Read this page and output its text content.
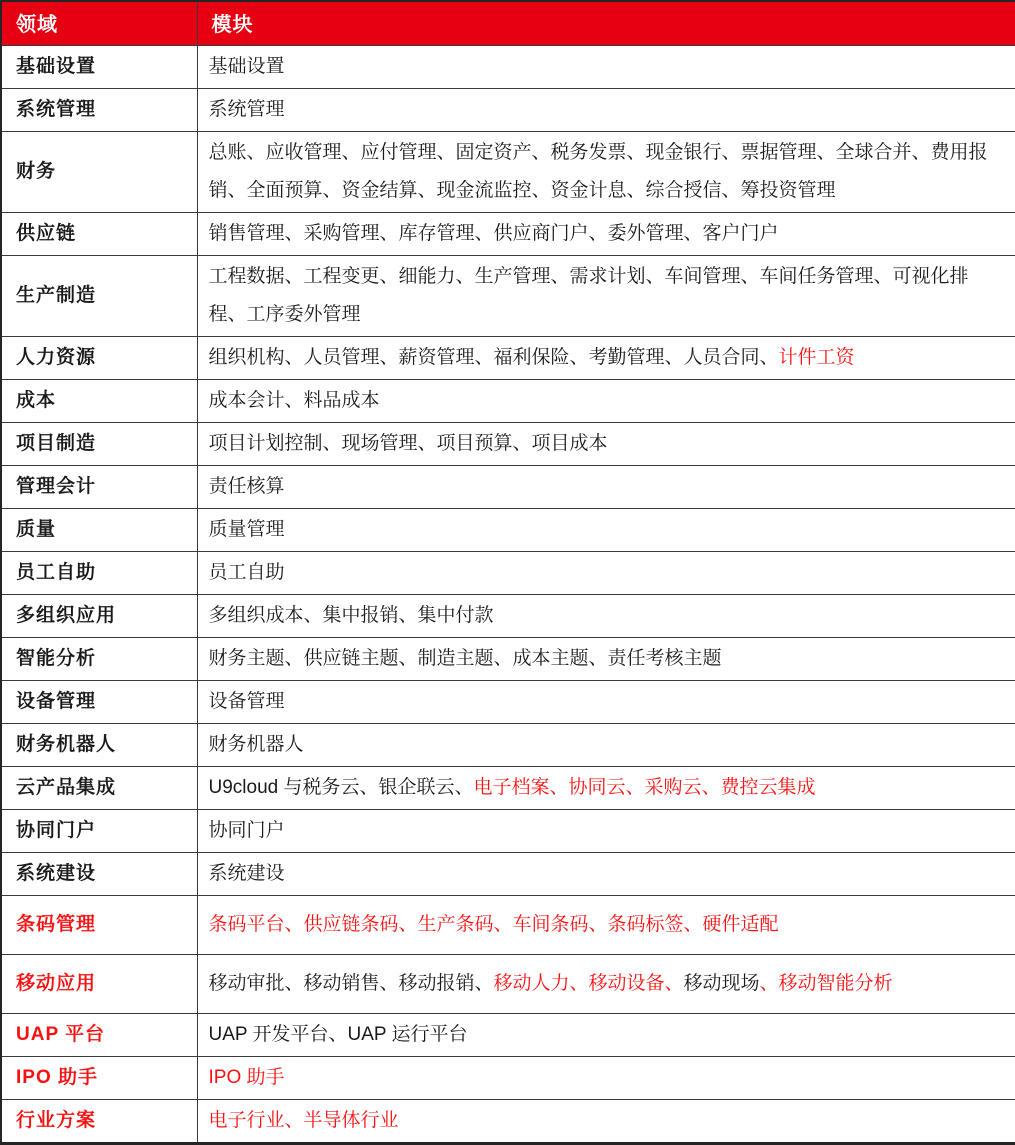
领域	模块
基础设置	基础设置
系统管理	系统管理
财务	总账、应收管理、应付管理、固定资产、税务发票、现金银行、票据管理、全球合并、费用报销、全面预算、资金结算、现金流监控、资金计息、综合授信、筹投资管理
供应链	销售管理、采购管理、库存管理、供应商门户、委外管理、客户门户
生产制造	工程数据、工程变更、细能力、生产管理、需求计划、车间管理、车间任务管理、可视化排程、工序委外管理
人力资源	组织机构、人员管理、薪资管理、福利保险、考勤管理、人员合同、计件工资
成本	成本会计、料品成本
项目制造	项目计划控制、现场管理、项目预算、项目成本
管理会计	责任核算
质量	质量管理
员工自助	员工自助
多组织应用	多组织成本、集中报销、集中付款
智能分析	财务主题、供应链主题、制造主题、成本主题、责任考核主题
设备管理	设备管理
财务机器人	财务机器人
云产品集成	U9cloud 与税务云、银企联云、电子档案、协同云、采购云、费控云集成
协同门户	协同门户
系统建设	系统建设
条码管理	条码平台、供应链条码、生产条码、车间条码、条码标签、硬件适配
移动应用	移动审批、移动销售、移动报销、移动人力、移动设备、移动现场、移动智能分析
UAP 平台	UAP 开发平台、UAP 运行平台
IPO 助手	IPO 助手
行业方案	电子行业、半导体行业
